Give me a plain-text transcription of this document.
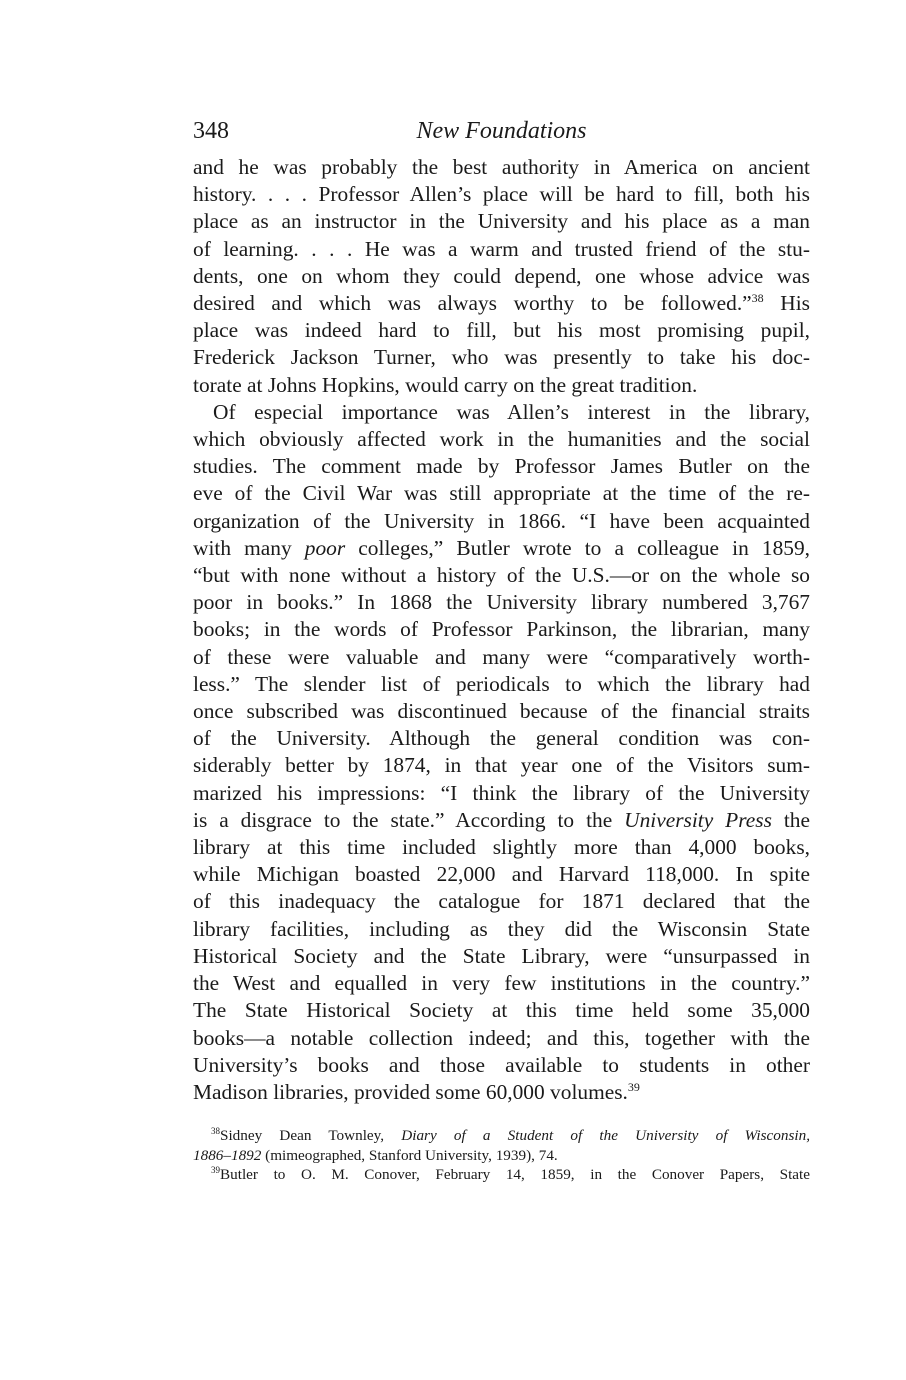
348	New Foundations

and he was probably the best authority in America on ancient
history. . . . Professor Allen’s place will be hard to fill, both his
place as an instructor in the University and his place as a man
of learning. . . . He was a warm and trusted friend of the stu-
dents, one on whom they could depend, one whose advice was
desired and which was always worthy to be followed.”$^{38}$ His
place was indeed hard to fill, but his most promising pupil,
Frederick Jackson Turner, who was presently to take his doc-
torate at Johns Hopkins, would carry on the great tradition.

Of especial importance was Allen’s interest in the library,
which obviously affected work in the humanities and the social
studies. The comment made by Professor James Butler on the
eve of the Civil War was still appropriate at the time of the re-
organization of the University in 1866. “I have been acquainted
with many poor colleges,” Butler wrote to a colleague in 1859,
“but with none without a history of the U.S.—or on the whole so
poor in books.” In 1868 the University library numbered 3,767
books; in the words of Professor Parkinson, the librarian, many
of these were valuable and many were “comparatively worth-
less.” The slender list of periodicals to which the library had
once subscribed was discontinued because of the financial straits
of the University. Although the general condition was con-
siderably better by 1874, in that year one of the Visitors sum-
marized his impressions: “I think the library of the University
is a disgrace to the state.” According to the University Press the
library at this time included slightly more than 4,000 books,
while Michigan boasted 22,000 and Harvard 118,000. In spite
of this inadequacy the catalogue for 1871 declared that the
library facilities, including as they did the Wisconsin State
Historical Society and the State Library, were “unsurpassed in
the West and equalled in very few institutions in the country.”
The State Historical Society at this time held some 35,000
books—a notable collection indeed; and this, together with the
University’s books and those available to students in other
Madison libraries, provided some 60,000 volumes.$^{39}$

$^{38}$Sidney Dean Townley, Diary of a Student of the University of Wisconsin,
1886–1892 (mimeographed, Stanford University, 1939), 74.
$^{39}$Butler to O. M. Conover, February 14, 1859, in the Conover Papers, State
